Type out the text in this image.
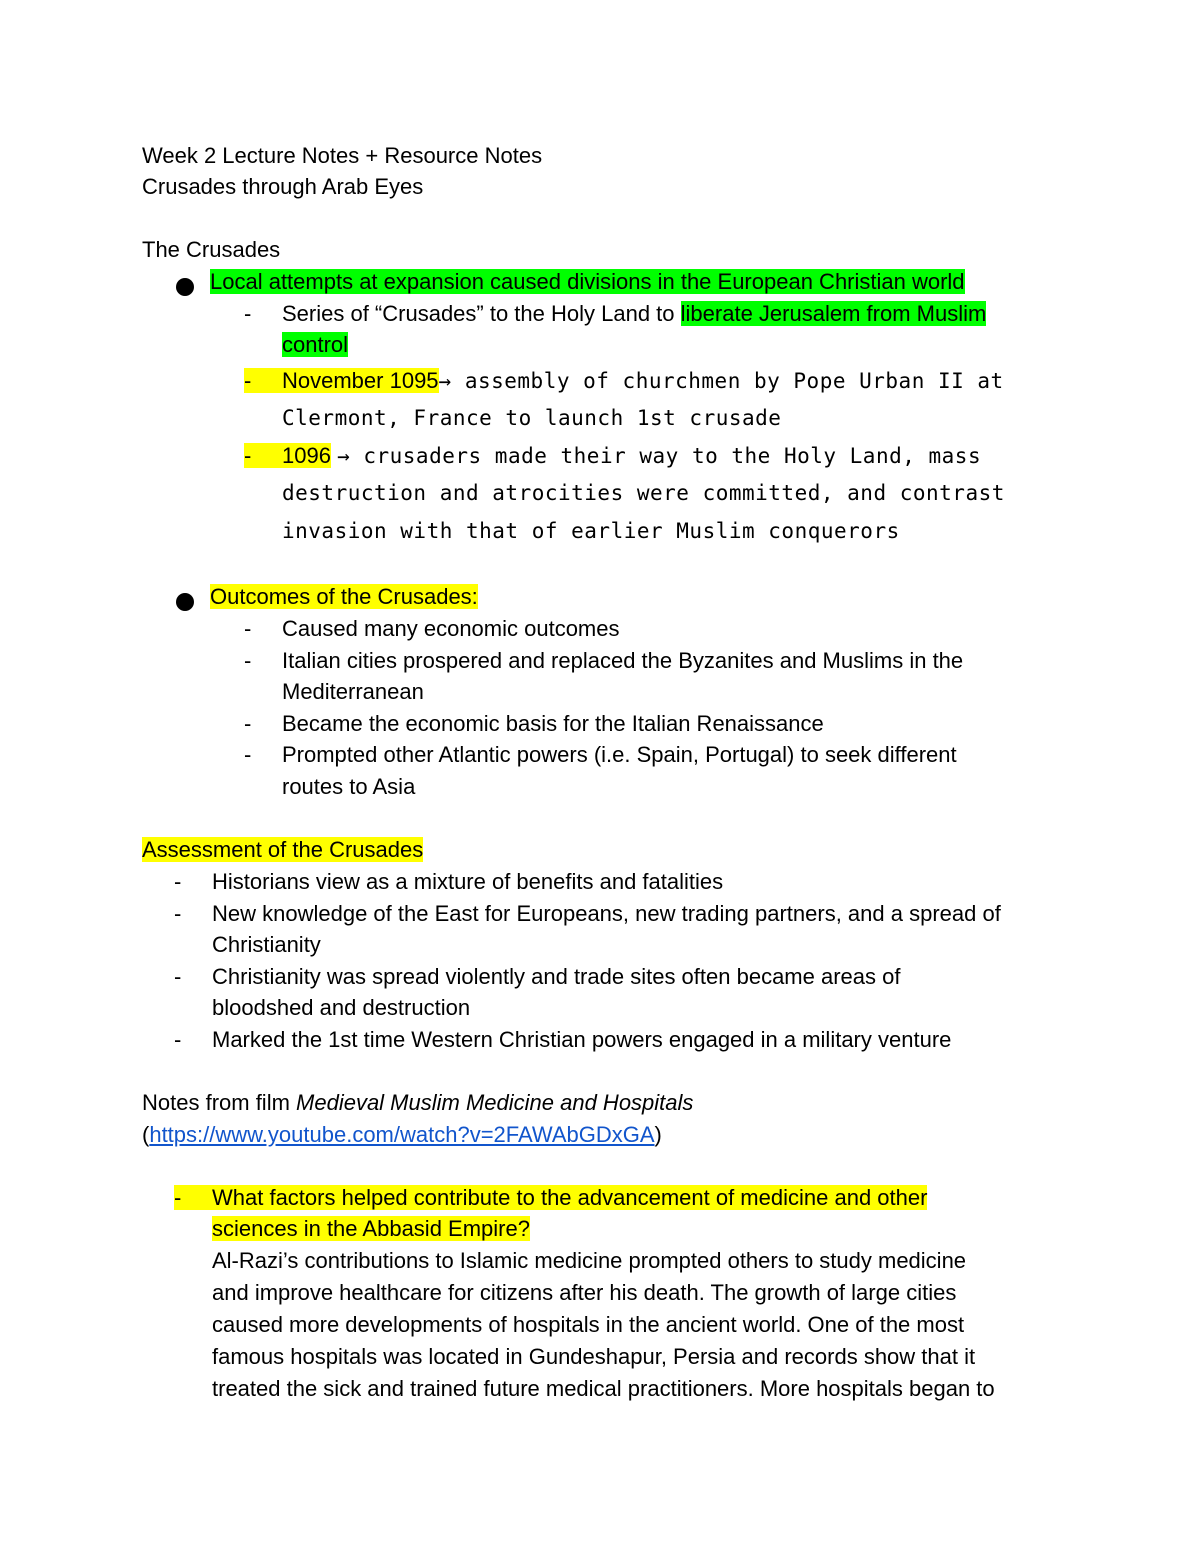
Week 2 Lecture Notes + Resource Notes
Crusades through Arab Eyes
The Crusades
Local attempts at expansion caused divisions in the European Christian world
- Series of “Crusades” to the Holy Land to liberate Jerusalem from Muslim
control
- November 1095→ assembly of churchmen by Pope Urban II at
Clermont, France to launch 1st crusade
- 1096 → crusaders made their way to the Holy Land, mass
destruction and atrocities were committed, and contrast
invasion with that of earlier Muslim conquerors
Outcomes of the Crusades:
- Caused many economic outcomes
- Italian cities prospered and replaced the Byzanites and Muslims in the
Mediterranean
- Became the economic basis for the Italian Renaissance
- Prompted other Atlantic powers (i.e. Spain, Portugal) to seek different
routes to Asia
Assessment of the Crusades
- Historians view as a mixture of benefits and fatalities
- New knowledge of the East for Europeans, new trading partners, and a spread of
Christianity
- Christianity was spread violently and trade sites often became areas of
bloodshed and destruction
- Marked the 1st time Western Christian powers engaged in a military venture
Notes from film Medieval Muslim Medicine and Hospitals
(https://www.youtube.com/watch?v=2FAWAbGDxGA)
- What factors helped contribute to the advancement of medicine and other
sciences in the Abbasid Empire?
Al-Razi’s contributions to Islamic medicine prompted others to study medicine
and improve healthcare for citizens after his death. The growth of large cities
caused more developments of hospitals in the ancient world. One of the most
famous hospitals was located in Gundeshapur, Persia and records show that it
treated the sick and trained future medical practitioners. More hospitals began to
